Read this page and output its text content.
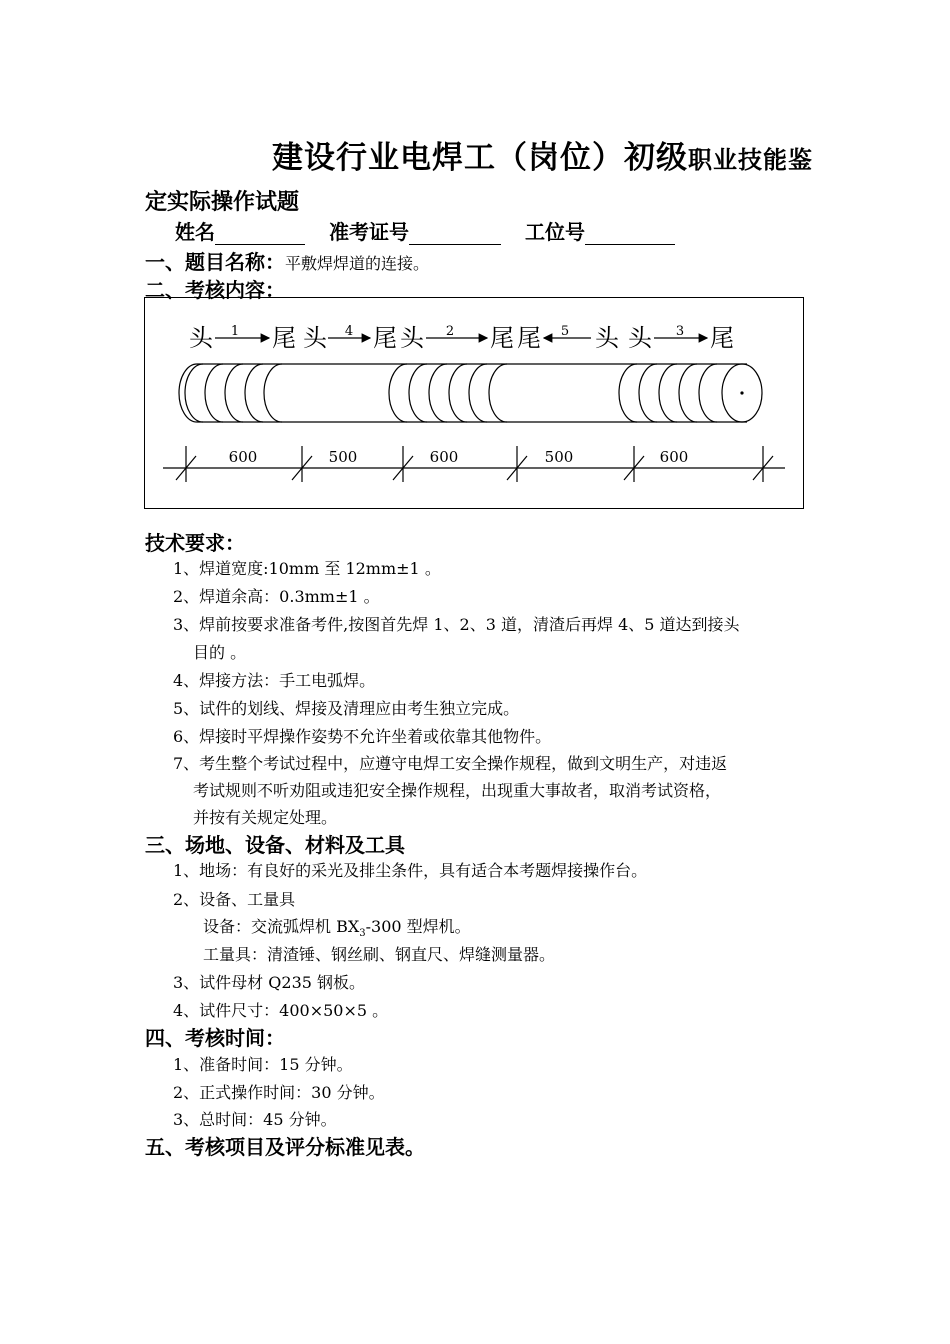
建设行业电焊工（岗位）初级职业技能鉴
定实际操作试题
姓名	准考证号	工位号
一、题目名称：平敷焊焊道的连接。
二、考核内容：
头 尾 头 尾 头	尾 尾 头 头 尾
1	4	2	5	3
600	500	600	500	600
技术要求：
1、焊道宽度:10mm 至 12mm±1 。
2、焊道余高：0.3mm±1 。
3、焊前按要求准备考件,按图首先焊 1、2、3 道，清渣后再焊 4、5 道达到接头
目的 。
4、焊接方法：手工电弧焊。
5、试件的划线、焊接及清理应由考生独立完成。
6、焊接时平焊操作姿势不允许坐着或依靠其他物件。
7、考生整个考试过程中，应遵守电焊工安全操作规程，做到文明生产，对违返
考试规则不听劝阻或违犯安全操作规程，出现重大事故者，取消考试资格，
并按有关规定处理。
三、场地、设备、材料及工具
1、地场：有良好的采光及排尘条件，具有适合本考题焊接操作台。
2、设备、工量具
设备：交流弧焊机 $BX_3-300$ 型焊机。
工量具：清渣锤、钢丝刷、钢直尺、焊缝测量器。
3、试件母材 Q235 钢板。
4、试件尺寸：400×50×5 。
四、考核时间：
1、准备时间：15 分钟。
2、正式操作时间：30 分钟。
3、总时间：45 分钟。
五、考核项目及评分标准见表。
